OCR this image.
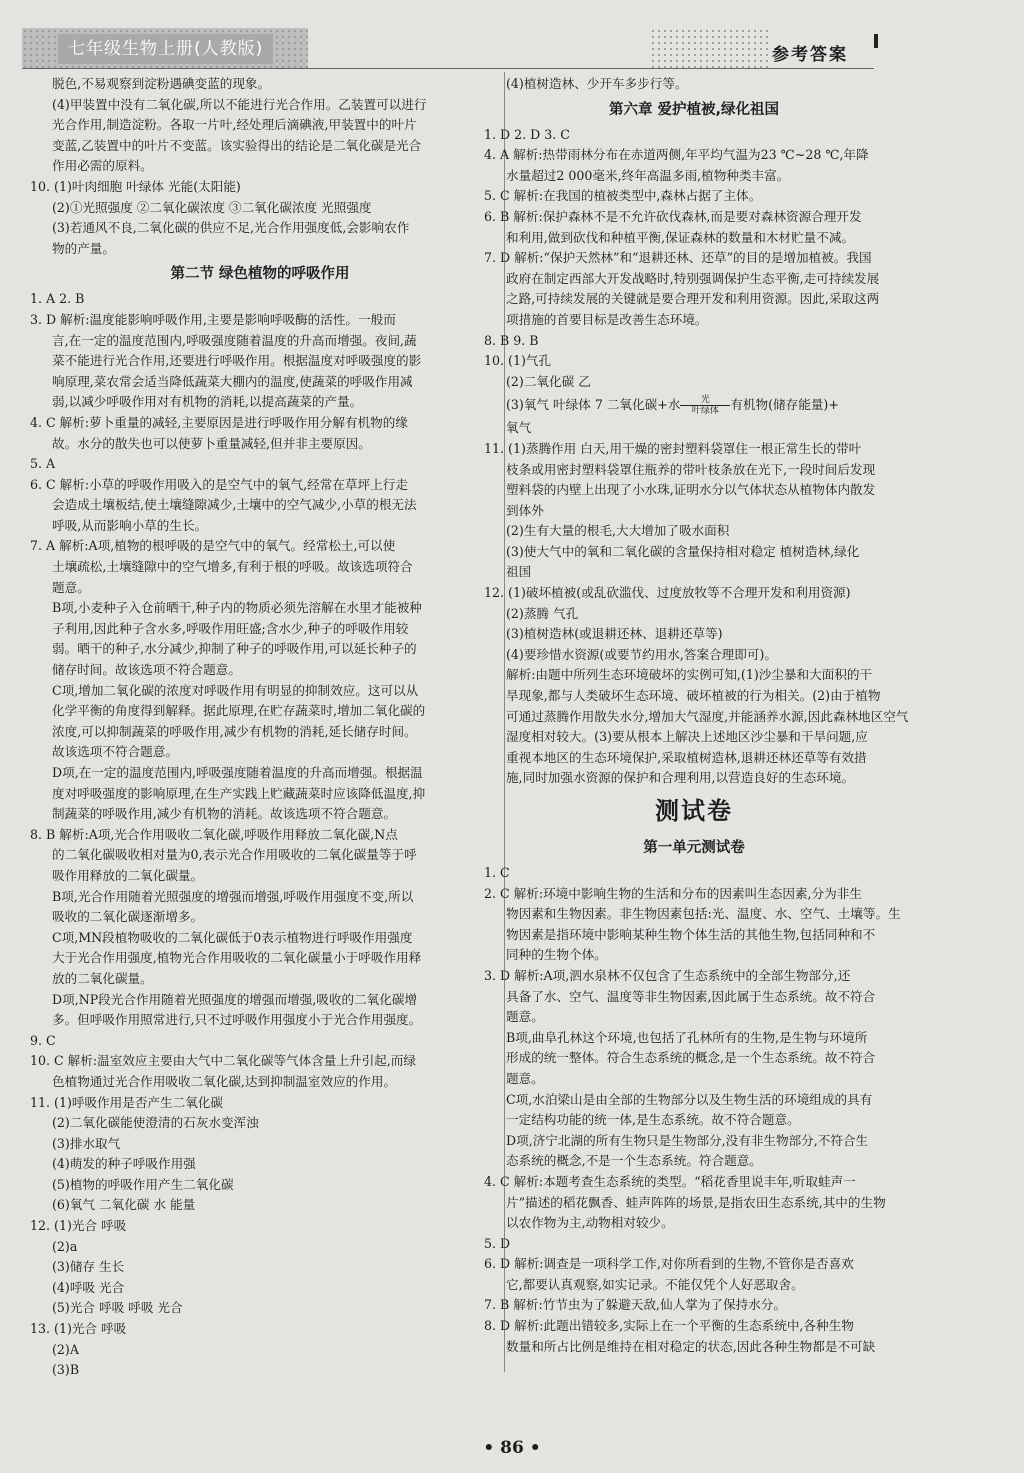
七年级生物上册(人教版)	参考答案

脱色,不易观察到淀粉遇碘变蓝的现象。

(4)甲装置中没有二氧化碳,所以不能进行光合作用。乙装置可以进行

光合作用,制造淀粉。各取一片叶,经处理后滴碘液,甲装置中的叶片

变蓝,乙装置中的叶片不变蓝。该实验得出的结论是二氧化碳是光合

作用必需的原料。

10. (1)叶肉细胞 叶绿体 光能(太阳能)

(2)①光照强度 ②二氧化碳浓度 ③二氧化碳浓度 光照强度

(3)若通风不良,二氧化碳的供应不足,光合作用强度低,会影响农作

物的产量。

第二节 绿色植物的呼吸作用

1. A 2. B

3. D 解析:温度能影响呼吸作用,主要是影响呼吸酶的活性。一般而

言,在一定的温度范围内,呼吸强度随着温度的升高而增强。夜间,蔬

菜不能进行光合作用,还要进行呼吸作用。根据温度对呼吸强度的影

响原理,菜农常会适当降低蔬菜大棚内的温度,使蔬菜的呼吸作用减

弱,以减少呼吸作用对有机物的消耗,以提高蔬菜的产量。

4. C 解析:萝卜重量的减轻,主要原因是进行呼吸作用分解有机物的缘

故。水分的散失也可以使萝卜重量减轻,但并非主要原因。

5. A

6. C 解析:小草的呼吸作用吸入的是空气中的氧气,经常在草坪上行走

会造成土壤板结,使土壤缝隙减少,土壤中的空气减少,小草的根无法

呼吸,从而影响小草的生长。

7. A 解析:A项,植物的根呼吸的是空气中的氧气。经常松土,可以使

土壤疏松,土壤缝隙中的空气增多,有利于根的呼吸。故该选项符合

题意。

B项,小麦种子入仓前晒干,种子内的物质必须先溶解在水里才能被种

子利用,因此种子含水多,呼吸作用旺盛;含水少,种子的呼吸作用较

弱。晒干的种子,水分减少,抑制了种子的呼吸作用,可以延长种子的

储存时间。故该选项不符合题意。

C项,增加二氧化碳的浓度对呼吸作用有明显的抑制效应。这可以从

化学平衡的角度得到解释。据此原理,在贮存蔬菜时,增加二氧化碳的

浓度,可以抑制蔬菜的呼吸作用,减少有机物的消耗,延长储存时间。

故该选项不符合题意。

D项,在一定的温度范围内,呼吸强度随着温度的升高而增强。根据温

度对呼吸强度的影响原理,在生产实践上贮藏蔬菜时应该降低温度,抑

制蔬菜的呼吸作用,减少有机物的消耗。故该选项不符合题意。

8. B 解析:A项,光合作用吸收二氧化碳,呼吸作用释放二氧化碳,N点

的二氧化碳吸收相对量为0,表示光合作用吸收的二氧化碳量等于呼

吸作用释放的二氧化碳量。

B项,光合作用随着光照强度的增强而增强,呼吸作用强度不变,所以

吸收的二氧化碳逐渐增多。

C项,MN段植物吸收的二氧化碳低于0表示植物进行呼吸作用强度

大于光合作用强度,植物光合作用吸收的二氧化碳量小于呼吸作用释

放的二氧化碳量。

D项,NP段光合作用随着光照强度的增强而增强,吸收的二氧化碳增

多。但呼吸作用照常进行,只不过呼吸作用强度小于光合作用强度。

9. C

10. C 解析:温室效应主要由大气中二氧化碳等气体含量上升引起,而绿

色植物通过光合作用吸收二氧化碳,达到抑制温室效应的作用。

11. (1)呼吸作用是否产生二氧化碳

(2)二氧化碳能使澄清的石灰水变浑浊

(3)排水取气

(4)萌发的种子呼吸作用强

(5)植物的呼吸作用产生二氧化碳

(6)氧气 二氧化碳 水 能量

12. (1)光合 呼吸

(2)a

(3)储存 生长

(4)呼吸 光合

(5)光合 呼吸 呼吸 光合

13. (1)光合 呼吸

(2)A

(3)B

(4)植树造林、少开车多步行等。

第六章 爱护植被,绿化祖国

1. D 2. D 3. C

4. A 解析:热带雨林分布在赤道两侧,年平均气温为23 ℃~28 ℃,年降

水量超过2 000毫米,终年高温多雨,植物种类丰富。

5. C 解析:在我国的植被类型中,森林占据了主体。

6. B 解析:保护森林不是不允许砍伐森林,而是要对森林资源合理开发

和利用,做到砍伐和种植平衡,保证森林的数量和木材贮量不减。

7. D 解析:“保护天然林”和“退耕还林、还草”的目的是增加植被。我国

政府在制定西部大开发战略时,特别强调保护生态平衡,走可持续发展

之路,可持续发展的关键就是要合理开发和利用资源。因此,采取这两

项措施的首要目标是改善生态环境。

8. B 9. B

10. (1)气孔

(2)二氧化碳 乙

(3)氧气 叶绿体 7 二氧化碳+水 $\frac{\text{光}}{\text{叶绿体}}$ 有机物(储存能量)+

氧气

11. (1)蒸腾作用 白天,用干燥的密封塑料袋罩住一根正常生长的带叶

枝条或用密封塑料袋罩住瓶养的带叶枝条放在光下,一段时间后发现

塑料袋的内壁上出现了小水珠,证明水分以气体状态从植物体内散发

到体外

(2)生有大量的根毛,大大增加了吸水面积

(3)使大气中的氧和二氧化碳的含量保持相对稳定 植树造林,绿化

祖国

12. (1)破坏植被(或乱砍滥伐、过度放牧等不合理开发和利用资源)

(2)蒸腾 气孔

(3)植树造林(或退耕还林、退耕还草等)

(4)要珍惜水资源(或要节约用水,答案合理即可)。

解析:由题中所列生态环境破坏的实例可知,(1)沙尘暴和大面积的干

旱现象,都与人类破坏生态环境、破坏植被的行为相关。(2)由于植物

可通过蒸腾作用散失水分,增加大气湿度,并能涵养水源,因此森林地区空气

湿度相对较大。(3)要从根本上解决上述地区沙尘暴和干旱问题,应

重视本地区的生态环境保护,采取植树造林,退耕还林还草等有效措

施,同时加强水资源的保护和合理利用,以营造良好的生态环境。

测试卷

第一单元测试卷

1. C

2. C 解析:环境中影响生物的生活和分布的因素叫生态因素,分为非生

物因素和生物因素。非生物因素包括:光、温度、水、空气、土壤等。生

物因素是指环境中影响某种生物个体生活的其他生物,包括同种和不

同种的生物个体。

3. D 解析:A项,泗水泉林不仅包含了生态系统中的全部生物部分,还

具备了水、空气、温度等非生物因素,因此属于生态系统。故不符合

题意。

B项,曲阜孔林这个环境,也包括了孔林所有的生物,是生物与环境所

形成的统一整体。符合生态系统的概念,是一个生态系统。故不符合

题意。

C项,水泊梁山是由全部的生物部分以及生物生活的环境组成的具有

一定结构功能的统一体,是生态系统。故不符合题意。

D项,济宁北湖的所有生物只是生物部分,没有非生物部分,不符合生

态系统的概念,不是一个生态系统。符合题意。

4. C 解析:本题考查生态系统的类型。“稻花香里说丰年,听取蛙声一

片”描述的稻花飘香、蛙声阵阵的场景,是指农田生态系统,其中的生物

以农作物为主,动物相对较少。

5. D

6. D 解析:调查是一项科学工作,对你所看到的生物,不管你是否喜欢

它,都要认真观察,如实记录。不能仅凭个人好恶取舍。

7. B 解析:竹节虫为了躲避天敌,仙人掌为了保持水分。

8. D 解析:此题出错较多,实际上在一个平衡的生态系统中,各种生物

数量和所占比例是维持在相对稳定的状态,因此各种生物都是不可缺

• 86 •
